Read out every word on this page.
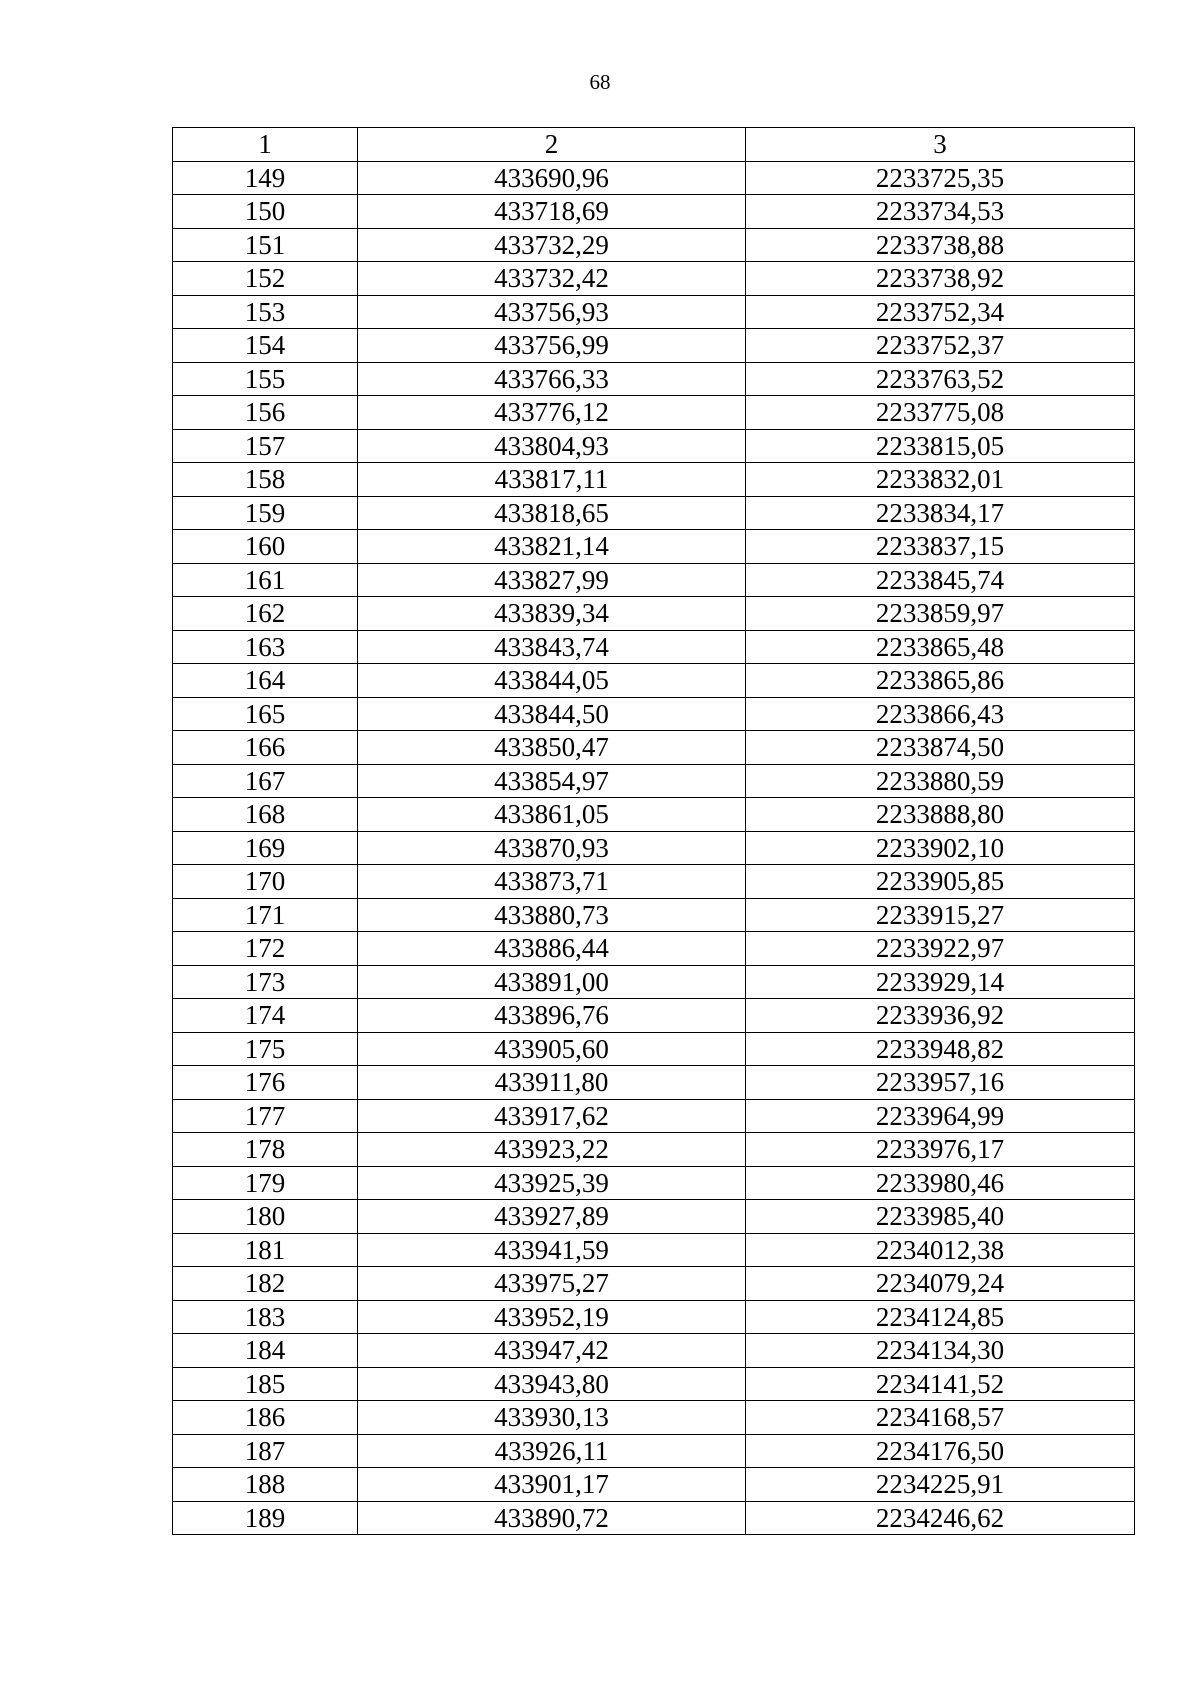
68
1	2	3
149	433690,96	2233725,35
150	433718,69	2233734,53
151	433732,29	2233738,88
152	433732,42	2233738,92
153	433756,93	2233752,34
154	433756,99	2233752,37
155	433766,33	2233763,52
156	433776,12	2233775,08
157	433804,93	2233815,05
158	433817,11	2233832,01
159	433818,65	2233834,17
160	433821,14	2233837,15
161	433827,99	2233845,74
162	433839,34	2233859,97
163	433843,74	2233865,48
164	433844,05	2233865,86
165	433844,50	2233866,43
166	433850,47	2233874,50
167	433854,97	2233880,59
168	433861,05	2233888,80
169	433870,93	2233902,10
170	433873,71	2233905,85
171	433880,73	2233915,27
172	433886,44	2233922,97
173	433891,00	2233929,14
174	433896,76	2233936,92
175	433905,60	2233948,82
176	433911,80	2233957,16
177	433917,62	2233964,99
178	433923,22	2233976,17
179	433925,39	2233980,46
180	433927,89	2233985,40
181	433941,59	2234012,38
182	433975,27	2234079,24
183	433952,19	2234124,85
184	433947,42	2234134,30
185	433943,80	2234141,52
186	433930,13	2234168,57
187	433926,11	2234176,50
188	433901,17	2234225,91
189	433890,72	2234246,62
